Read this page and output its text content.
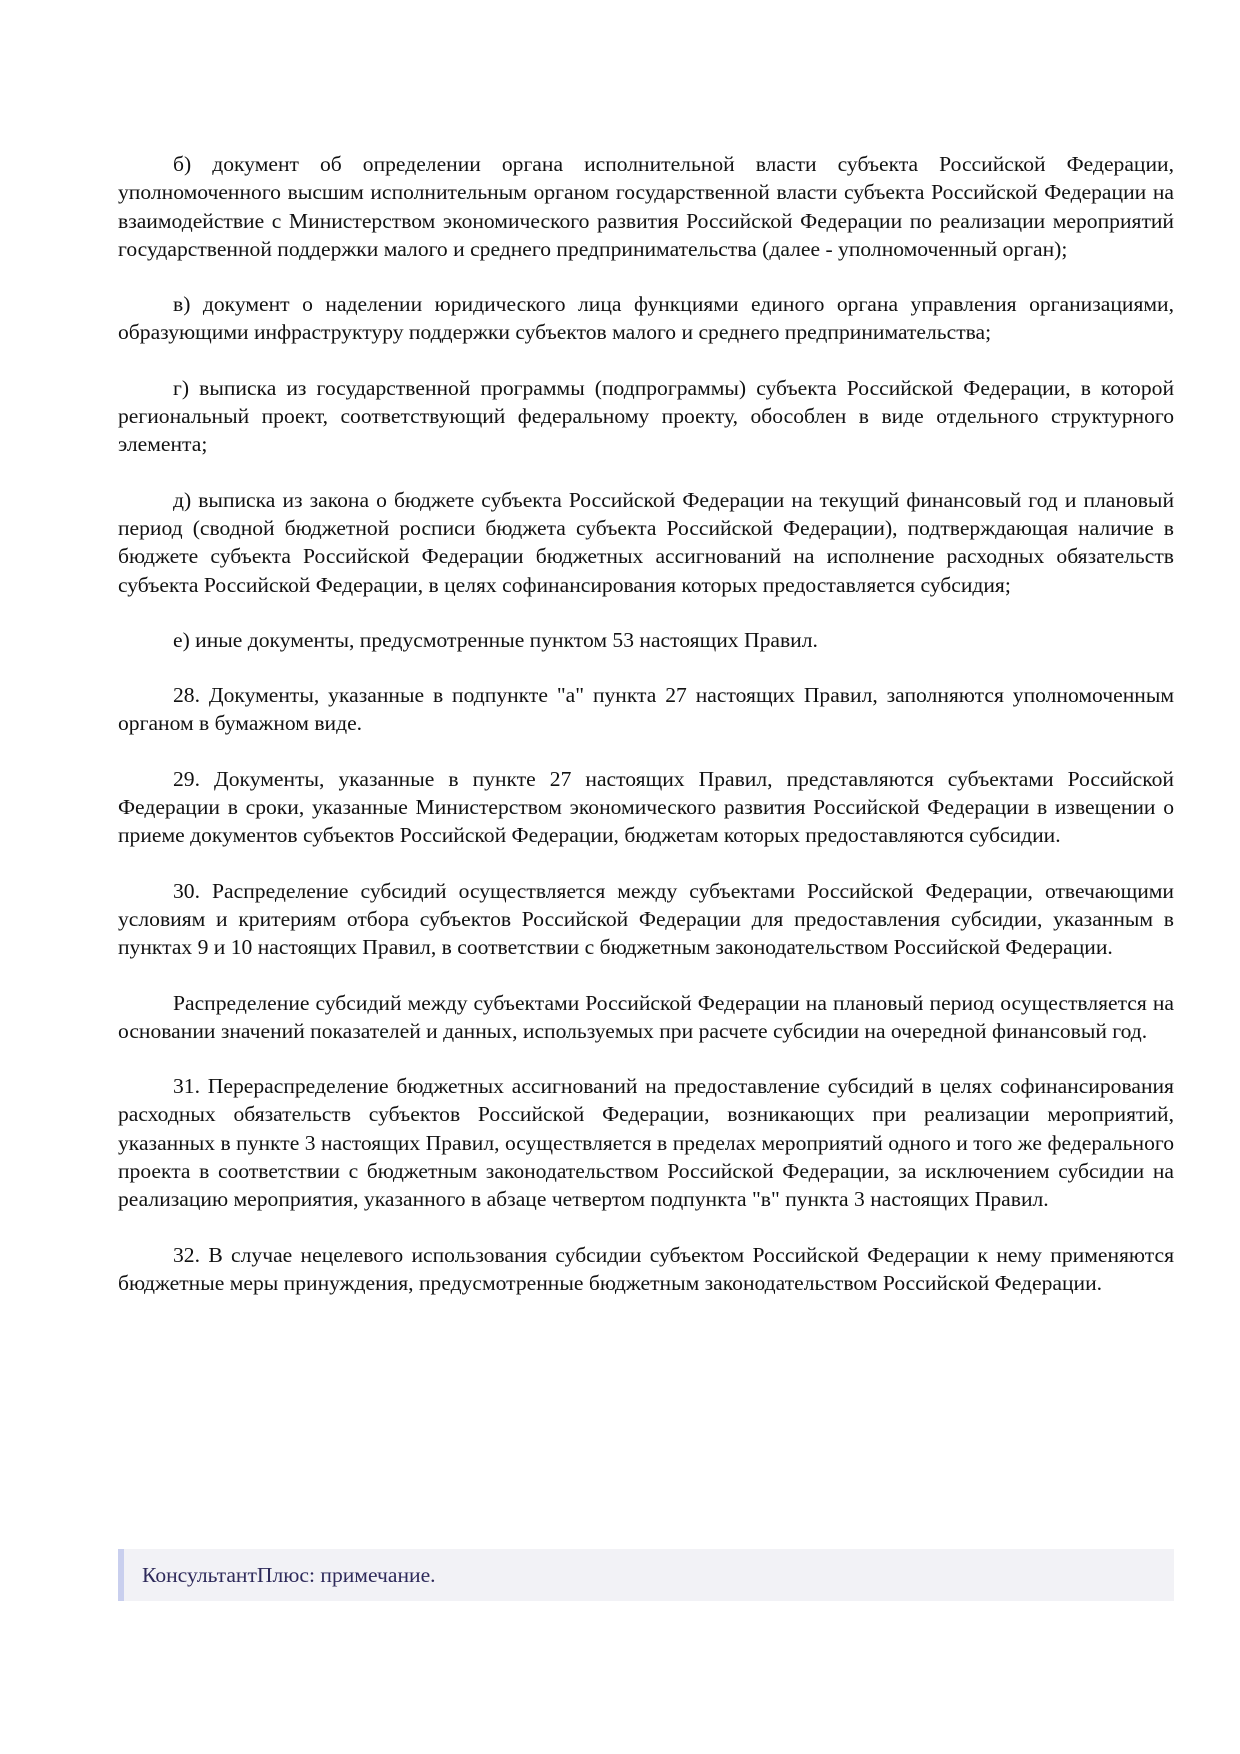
б) документ об определении органа исполнительной власти субъекта Российской Федерации, уполномоченного высшим исполнительным органом государственной власти субъекта Российской Федерации на взаимодействие с Министерством экономического развития Российской Федерации по реализации мероприятий государственной поддержки малого и среднего предпринимательства (далее - уполномоченный орган);

в) документ о наделении юридического лица функциями единого органа управления организациями, образующими инфраструктуру поддержки субъектов малого и среднего предпринимательства;

г) выписка из государственной программы (подпрограммы) субъекта Российской Федерации, в которой региональный проект, соответствующий федеральному проекту, обособлен в виде отдельного структурного элемента;

д) выписка из закона о бюджете субъекта Российской Федерации на текущий финансовый год и плановый период (сводной бюджетной росписи бюджета субъекта Российской Федерации), подтверждающая наличие в бюджете субъекта Российской Федерации бюджетных ассигнований на исполнение расходных обязательств субъекта Российской Федерации, в целях софинансирования которых предоставляется субсидия;

е) иные документы, предусмотренные пунктом 53 настоящих Правил.

28. Документы, указанные в подпункте "а" пункта 27 настоящих Правил, заполняются уполномоченным органом в бумажном виде.

29. Документы, указанные в пункте 27 настоящих Правил, представляются субъектами Российской Федерации в сроки, указанные Министерством экономического развития Российской Федерации в извещении о приеме документов субъектов Российской Федерации, бюджетам которых предоставляются субсидии.

30. Распределение субсидий осуществляется между субъектами Российской Федерации, отвечающими условиям и критериям отбора субъектов Российской Федерации для предоставления субсидии, указанным в пунктах 9 и 10 настоящих Правил, в соответствии с бюджетным законодательством Российской Федерации.

Распределение субсидий между субъектами Российской Федерации на плановый период осуществляется на основании значений показателей и данных, используемых при расчете субсидии на очередной финансовый год.

31. Перераспределение бюджетных ассигнований на предоставление субсидий в целях софинансирования расходных обязательств субъектов Российской Федерации, возникающих при реализации мероприятий, указанных в пункте 3 настоящих Правил, осуществляется в пределах мероприятий одного и того же федерального проекта в соответствии с бюджетным законодательством Российской Федерации, за исключением субсидии на реализацию мероприятия, указанного в абзаце четвертом подпункта "в" пункта 3 настоящих Правил.

32. В случае нецелевого использования субсидии субъектом Российской Федерации к нему применяются бюджетные меры принуждения, предусмотренные бюджетным законодательством Российской Федерации.

КонсультантПлюс: примечание.
